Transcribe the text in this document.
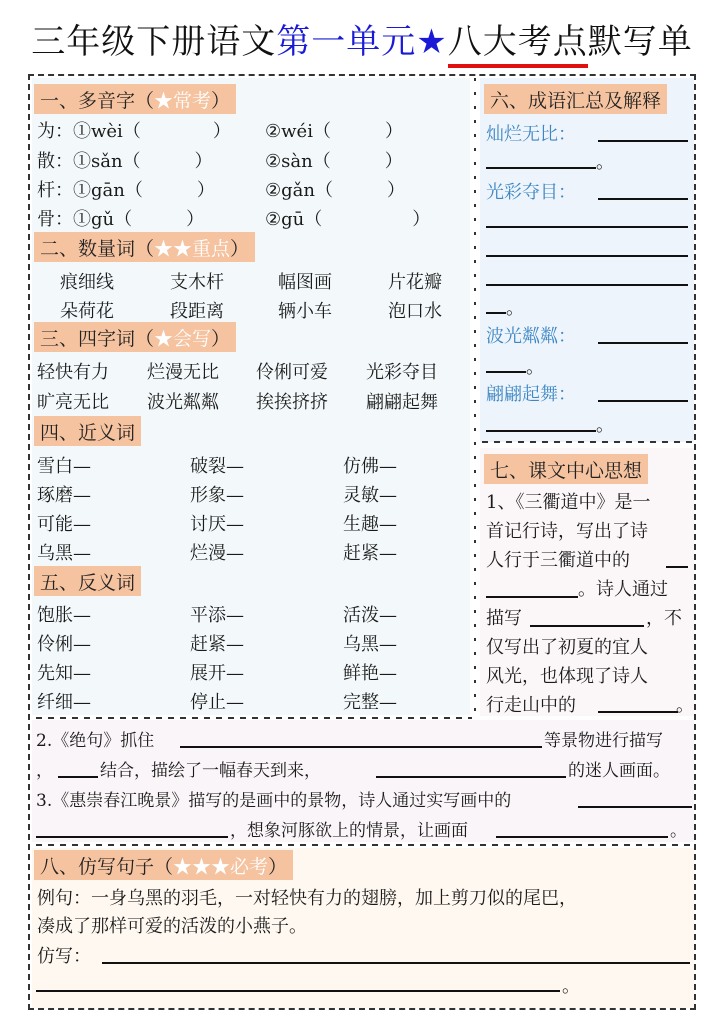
三年级下册语文第一单元★八大考点
默写单
一、多音字（★常考）
为：①wèi（　　　　） ②wéi（　　　）
散：①sǎn（　　　）	②sàn（　　　）
杆：①gān（　　　）	②gǎn（　　　）
骨：①gǔ（　　　）	②gū（　　　　　）
二、数量词（★★重点）
痕细线	支木杆	幅图画	片花瓣
朵荷花	段距离	辆小车	泡口水
三、四字词（★会写）
轻快有力 烂漫无比 伶俐可爱 光彩夺目
旷亮无比 波光粼粼 挨挨挤挤 翩翩起舞
四、近义词
雪白—	破裂—	仿佛—
琢磨—	形象—	灵敏—
可能—	讨厌—	生趣—
乌黑—	烂漫—	赶紧—
五、反义词
饱胀—	平添—	活泼—
伶俐—	赶紧—	乌黑—
先知—	展开—	鲜艳—
纤细—	停止—	完整—
六、成语汇总及解释
灿烂无比：
。
光彩夺目：
。
波光粼粼：
。
翩翩起舞：
。
七、课文中心思想
1、《三衢道中》是一
首记行诗，写出了诗
人行于三衢道中的
。诗人通过
描写	，不
仅写出了初夏的宜人
风光，也体现了诗人
行走山中的	。
2.《绝句》抓住	等景物进行描写
，	结合，描绘了一幅春天到来，	的迷人画面。
3.《惠崇春江晚景》描写的是画中的景物，诗人通过实写画中的
，想象河豚欲上的情景，让画面	。
八、仿写句子（★★★必考）
例句：一身乌黑的羽毛，一对轻快有力的翅膀，加上剪刀似的尾巴，
凑成了那样可爱的活泼的小燕子。
仿写：
。
